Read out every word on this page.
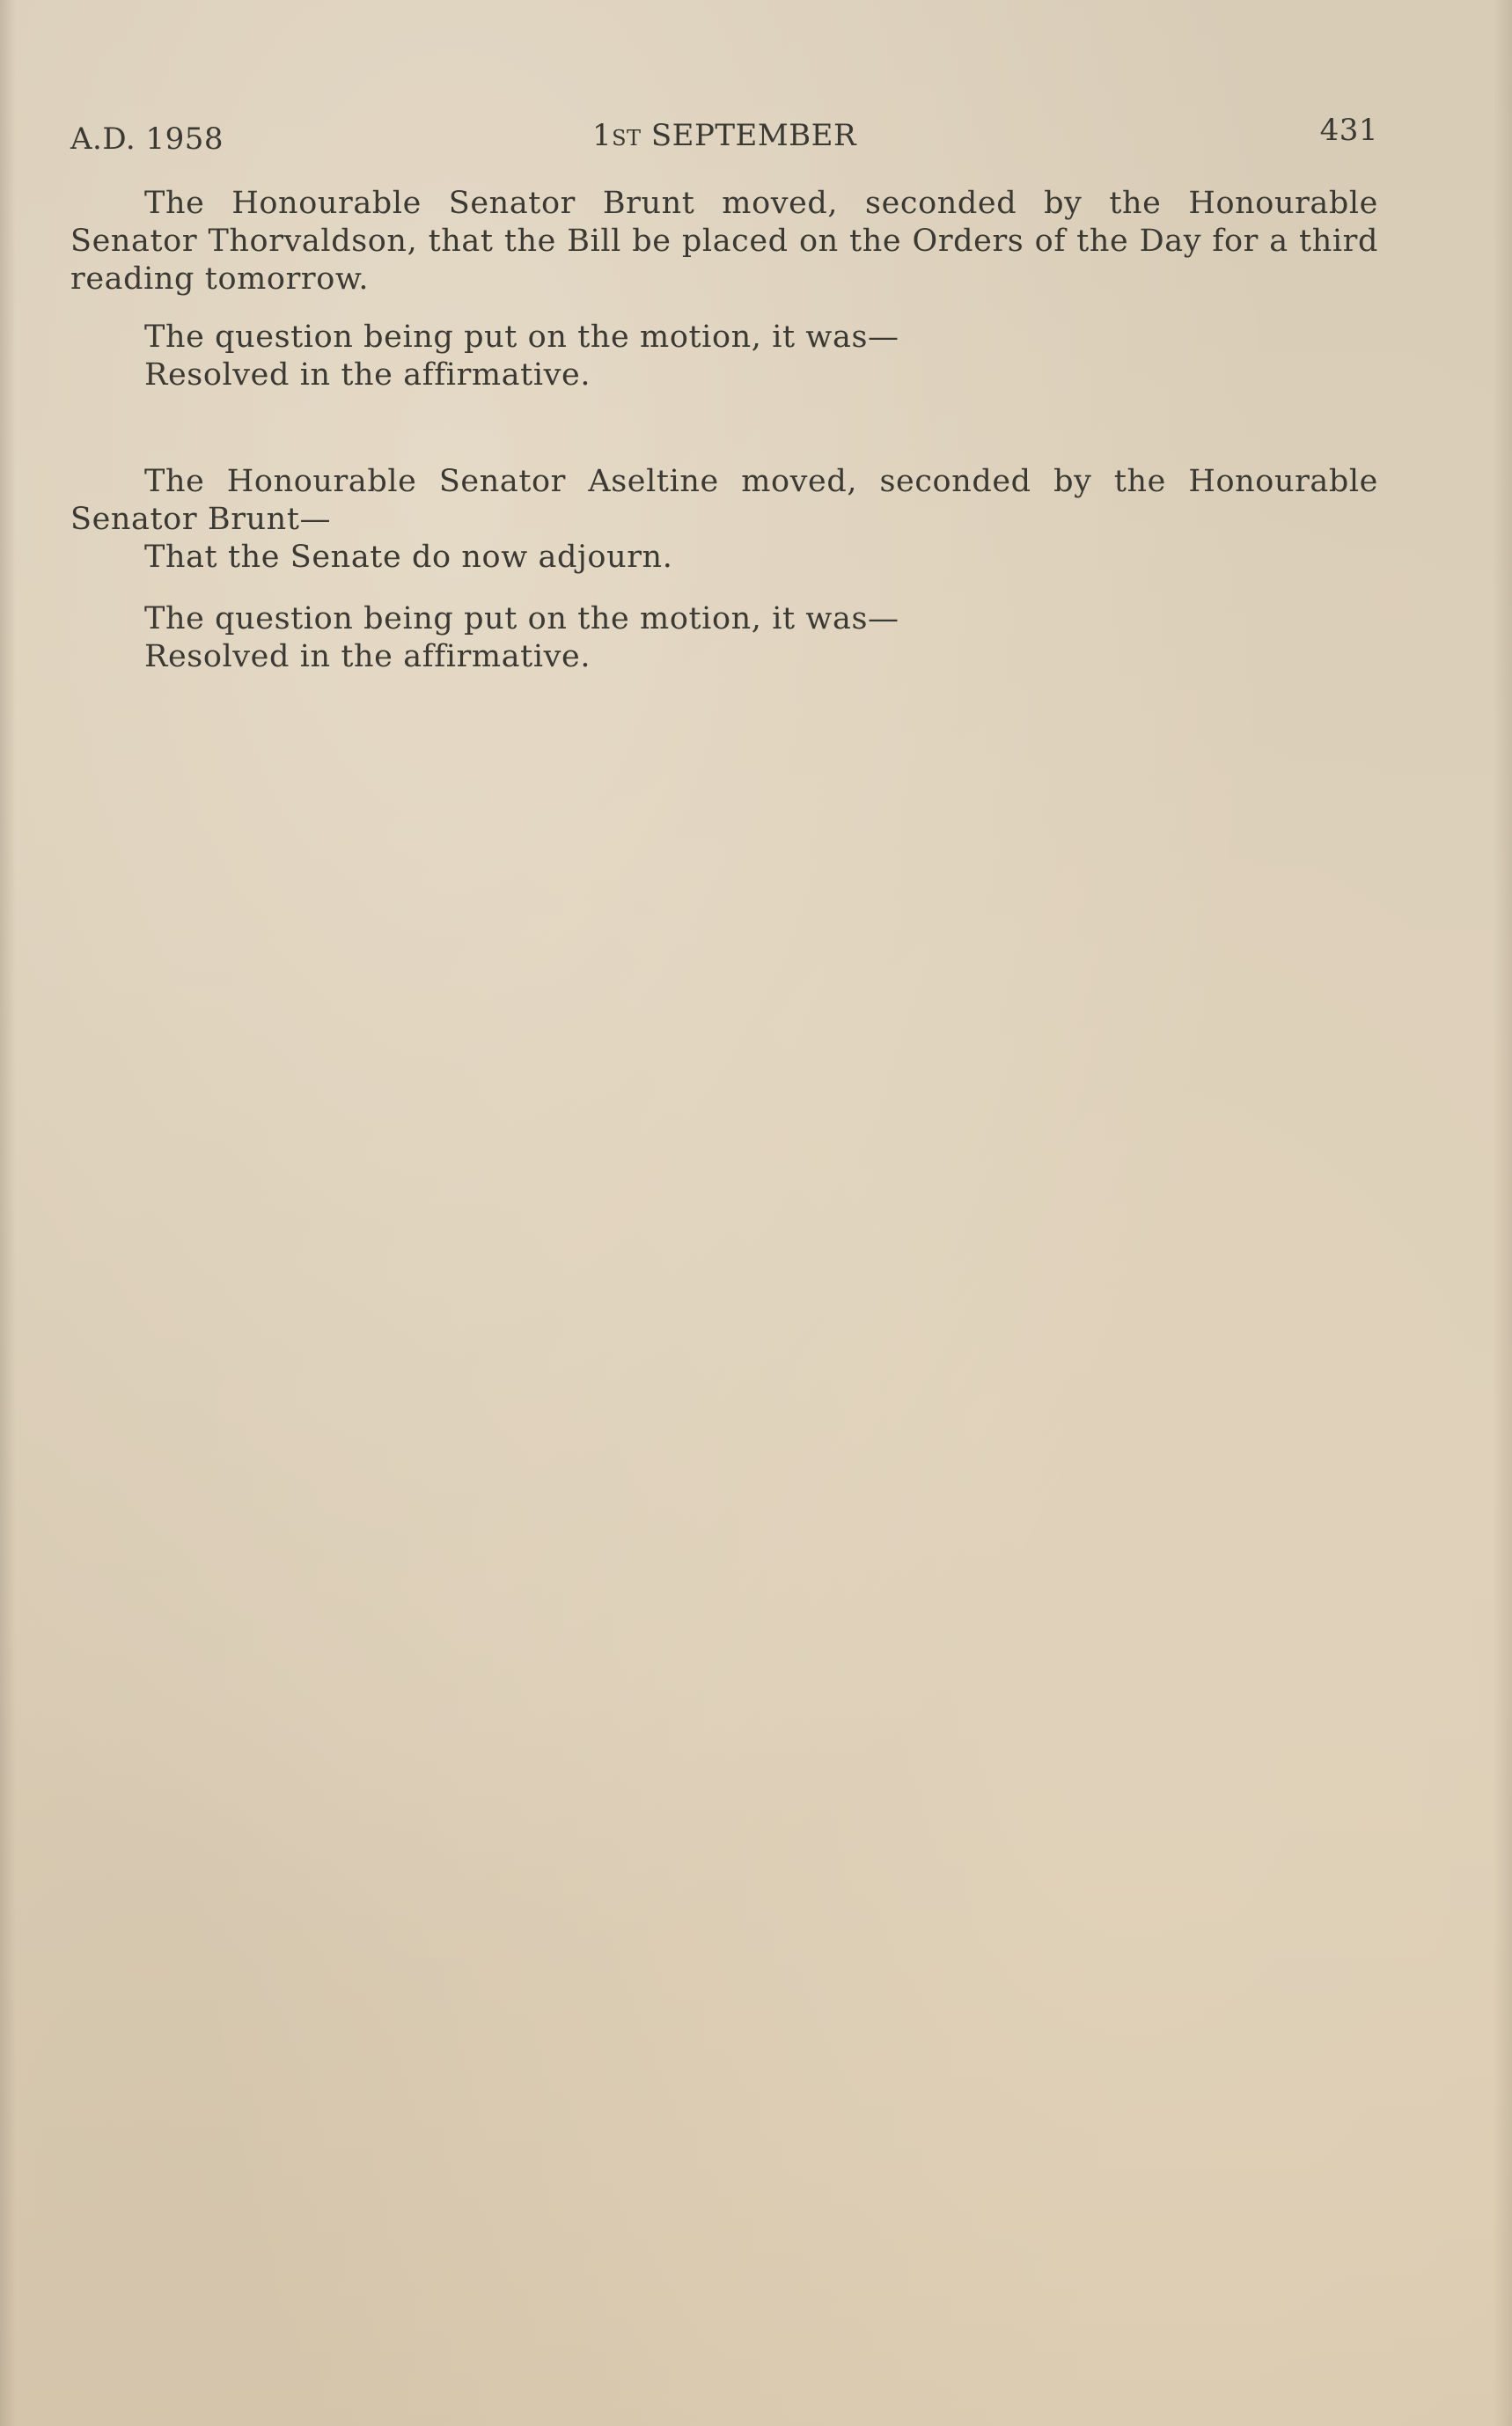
A.D. 1958	1st SEPTEMBER	431

The Honourable Senator Brunt moved, seconded by the Honourable Senator Thorvaldson, that the Bill be placed on the Orders of the Day for a third reading tomorrow.

The question being put on the motion, it was—

Resolved in the affirmative.

The Honourable Senator Aseltine moved, seconded by the Honourable Senator Brunt—

That the Senate do now adjourn.

The question being put on the motion, it was—

Resolved in the affirmative.
